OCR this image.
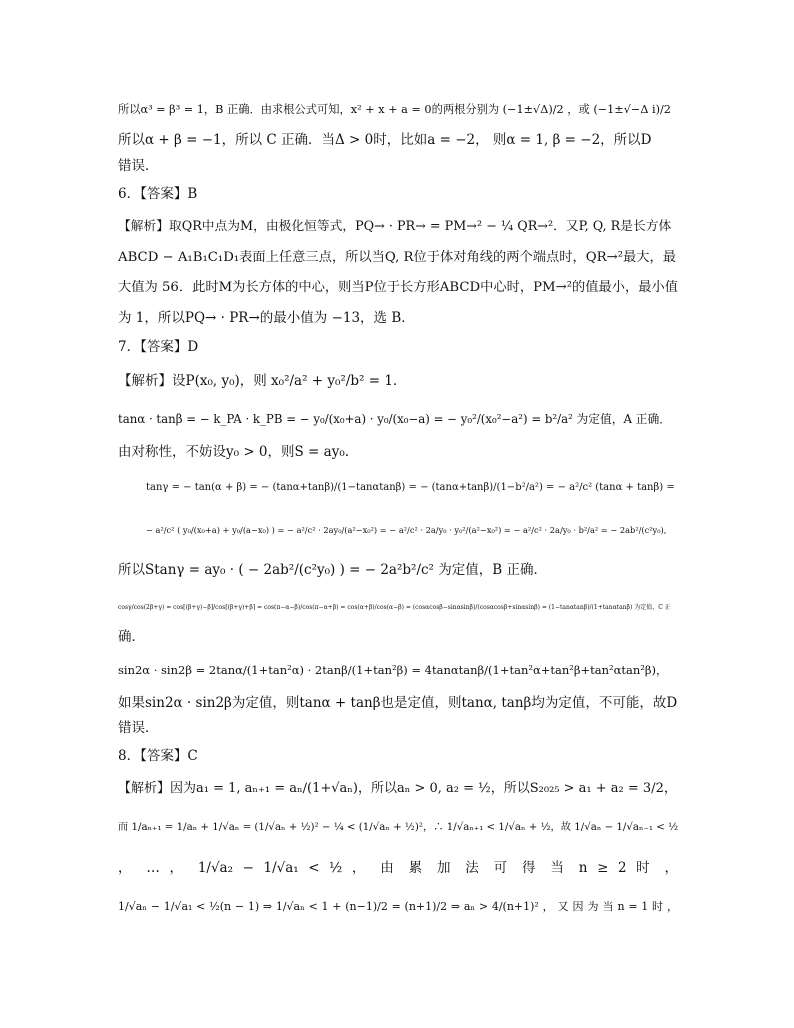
所以α³ = β³ = 1，B 正确．由求根公式可知，x² + x + a = 0的两根分别为 (−1±√Δ)/2 ，或 (−1±√−Δ i)/2
所以α + β = −1，所以 C 正确．当Δ > 0时，比如a = −2， 则α = 1, β = −2，所以D
错误．
6．【答案】B
【解析】取QR中点为M，由极化恒等式，PQ→ · PR→ = PM→² − ¼ QR→²．又P, Q, R是长方体
ABCD − A₁B₁C₁D₁表面上任意三点，所以当Q, R位于体对角线的两个端点时，QR→²最大，最
大值为 56．此时M为长方体的中心，则当P位于长方形ABCD中心时，PM→²的值最小，最小值
为 1，所以PQ→ · PR→的最小值为 −13，选 B．
7．【答案】D
【解析】设P(x₀, y₀)，则 x₀²/a² + y₀²/b² = 1．
tanα · tanβ = − k_PA · k_PB = − y₀/(x₀+a) · y₀/(x₀−a) = − y₀²/(x₀²−a²) = b²/a² 为定值，A 正确．
由对称性，不妨设y₀ > 0，则S = ay₀.
tanγ = − tan(α + β) = − (tanα+tanβ)/(1−tanαtanβ) = − (tanα+tanβ)/(1−b²/a²) = − a²/c² (tanα + tanβ) =
− a²/c² ( y₀/(x₀+a) + y₀/(a−x₀) ) = − a²/c² · 2ay₀/(a²−x₀²) = − a²/c² · 2a/y₀ · y₀²/(a²−x₀²) = − a²/c² · 2a/y₀ · b²/a² = − 2ab²/(c²y₀),
所以Stanγ = ay₀ · ( − 2ab²/(c²y₀) ) = − 2a²b²/c² 为定值，B 正确．
cosγ/cos(2β+γ) = cos[(β+γ)−β]/cos[(β+γ)+β] = cos(π−α−β)/cos(π−α+β) = cos(α+β)/cos(α−β) = (cosαcosβ−sinαsinβ)/(cosαcosβ+sinαsinβ) = (1−tanαtanβ)/(1+tanαtanβ) 为定值，C 正
确．
sin2α · sin2β = 2tanα/(1+tan²α) · 2tanβ/(1+tan²β) = 4tanαtanβ/(1+tan²α+tan²β+tan²αtan²β)，
如果sin2α · sin2β为定值，则tanα + tanβ也是定值，则tanα, tanβ均为定值，不可能，故D
错误．
8．【答案】C
【解析】因为a₁ = 1, aₙ₊₁ = aₙ/(1+√aₙ)，所以aₙ > 0, a₂ = ½，所以S₂₀₂₅ > a₁ + a₂ = 3/2，
而 1/aₙ₊₁ = 1/aₙ + 1/√aₙ = (1/√aₙ + ½)² − ¼ < (1/√aₙ + ½)²，∴ 1/√aₙ₊₁ < 1/√aₙ + ½，故 1/√aₙ − 1/√aₙ₋₁ < ½
， … ， 1/√a₂ − 1/√a₁ < ½ ， 由 累 加 法 可 得 当 n ≥ 2 时 ，
1/√aₙ − 1/√a₁ < ½(n − 1) ⇒ 1/√aₙ < 1 + (n−1)/2 = (n+1)/2 ⇒ aₙ > 4/(n+1)² ， 又 因 为 当 n = 1 时 ，
